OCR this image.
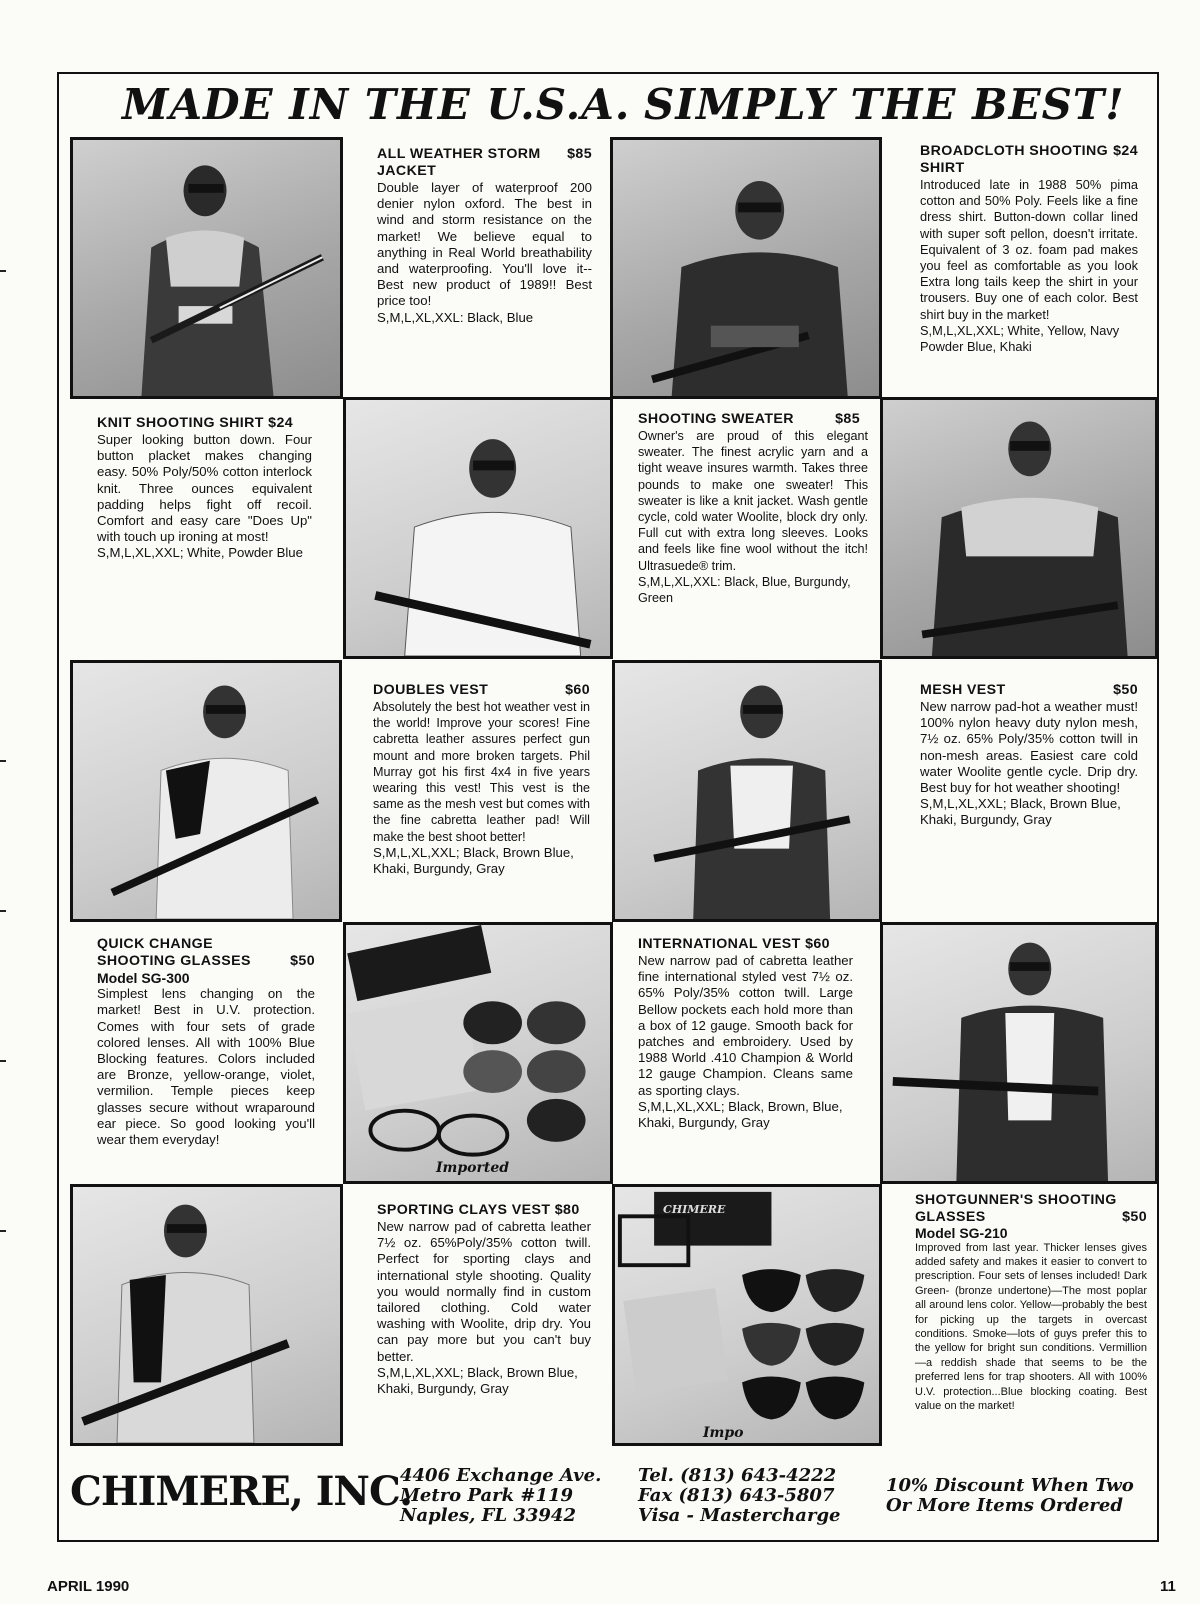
MADE IN THE U.S.A. SIMPLY THE BEST!
$85
ALL WEATHER STORM JACKET

Double layer of waterproof 200 denier nylon oxford. The best in wind and storm resistance on the market! We believe equal to anything in Real World breathability and waterproofing. You'll love it--Best new product of 1989!! Best price too!

S,M,L,XL,XXL: Black, Blue
$24
BROADCLOTH SHOOTING SHIRT

Introduced late in 1988 50% pima cotton and 50% Poly. Feels like a fine dress shirt. Button-down collar lined with super soft pellon, doesn't irritate. Equivalent of 3 oz. foam pad makes you feel as comfortable as you look Extra long tails keep the shirt in your trousers. Buy one of each color. Best shirt buy in the market!

S,M,L,XL,XXL; White, Yellow, Navy Powder Blue, Khaki
KNIT SHOOTING SHIRT $24

Super looking button down. Four button placket makes changing easy. 50% Poly/50% cotton interlock knit. Three ounces equivalent padding helps fight off recoil. Comfort and easy care "Does Up" with touch up ironing at most!

S,M,L,XL,XXL; White, Powder Blue
$85
SHOOTING SWEATER

Owner's are proud of this elegant sweater. The finest acrylic yarn and a tight weave insures warmth. Takes three pounds to make one sweater! This sweater is like a knit jacket. Wash gentle cycle, cold water Woolite, block dry only. Full cut with extra long sleeves. Looks and feels like fine wool without the itch! Ultrasuede® trim.

S,M,L,XL,XXL: Black, Blue, Burgundy, Green
$60
DOUBLES VEST

Absolutely the best hot weather vest in the world! Improve your scores! Fine cabretta leather assures perfect gun mount and more broken targets. Phil Murray got his first 4x4 in five years wearing this vest! This vest is the same as the mesh vest but comes with the fine cabretta leather pad! Will make the best shoot better!

S,M,L,XL,XXL; Black, Brown Blue, Khaki, Burgundy, Gray
$50
MESH VEST

New narrow pad-hot a weather must! 100% nylon heavy duty nylon mesh, 7½ oz. 65% Poly/35% cotton twill in non-mesh areas. Easiest care cold water Woolite gentle cycle. Drip dry. Best buy for hot weather shooting!

S,M,L,XL,XXL; Black, Brown Blue, Khaki, Burgundy, Gray
$50
QUICK CHANGE SHOOTING GLASSES
Model SG-300

Simplest lens changing on the market! Best in U.V. protection. Comes with four sets of grade colored lenses. All with 100% Blue Blocking features. Colors included are Bronze, yellow-orange, violet, vermilion. Temple pieces keep glasses secure without wraparound ear piece. So good looking you'll wear them everyday!

Imported
INTERNATIONAL VEST $60

New narrow pad of cabretta leather fine international styled vest 7½ oz. 65% Poly/35% cotton twill. Large Bellow pockets each hold more than a box of 12 gauge. Smooth back for patches and embroidery. Used by 1988 World .410 Champion & World 12 gauge Champion. Cleans same as sporting clays.

S,M,L,XL,XXL; Black, Brown, Blue, Khaki, Burgundy, Gray
SPORTING CLAYS VEST $80

New narrow pad of cabretta leather 7½ oz. 65%Poly/35% cotton twill. Perfect for sporting clays and international style shooting. Quality you would normally find in custom tailored clothing. Cold water washing with Woolite, drip dry. You can pay more but you can't buy better.

S,M,L,XL,XXL; Black, Brown Blue, Khaki, Burgundy, Gray
CHIMERE
Impo
$50
SHOTGUNNER'S SHOOTING GLASSES
Model SG-210

Improved from last year. Thicker lenses gives added safety and makes it easier to convert to prescription. Four sets of lenses included! Dark Green- (bronze undertone)—The most poplar all around lens color. Yellow—probably the best for picking up the targets in overcast conditions. Smoke—lots of guys prefer this to the yellow for bright sun conditions. Vermillion—a reddish shade that seems to be the preferred lens for trap shooters. All with 100% U.V. protection...Blue blocking coating. Best value on the market!

CHIMERE, INC.
4406 Exchange Ave.
Metro Park #119
Naples, FL 33942
Tel. (813) 643-4222
Fax (813) 643-5807
Visa - Mastercharge
10% Discount When Two
Or More Items Ordered
APRIL 1990	11
